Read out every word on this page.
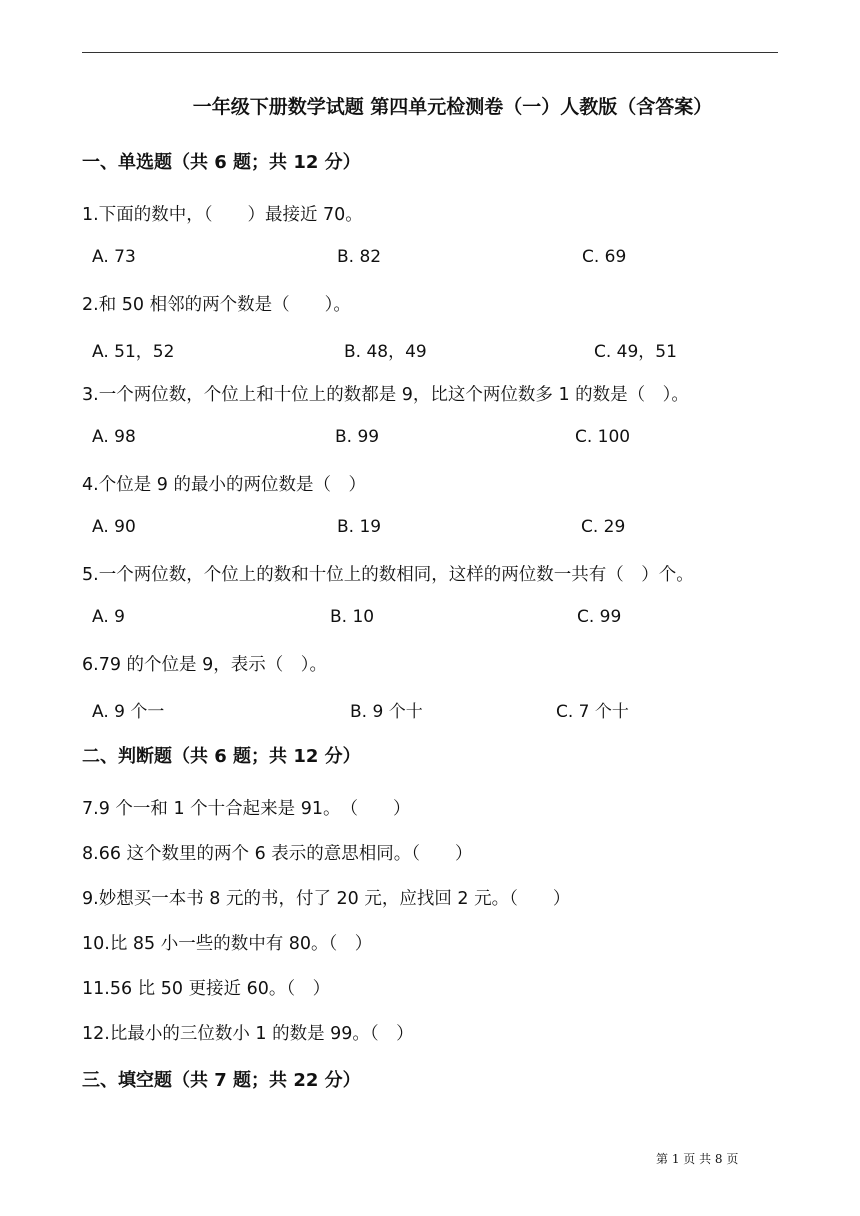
一年级下册数学试题 第四单元检测卷（一）人教版（含答案）
一、单选题（共 6 题；共 12 分）
1.下面的数中，（　　）最接近 70。
A. 73	B. 82	C. 69
2.和 50 相邻的两个数是（　　）。
A. 51，52	B. 48，49	C. 49，51
3.一个两位数，个位上和十位上的数都是 9，比这个两位数多 1 的数是（　）。
A. 98	B. 99	C. 100
4.个位是 9 的最小的两位数是（　）
A. 90	B. 19	C. 29
5.一个两位数，个位上的数和十位上的数相同，这样的两位数一共有（　）个。
A. 9	B. 10	C. 99
6.79 的个位是 9，表示（　）。
A. 9 个一	B. 9 个十	C. 7 个十
二、判断题（共 6 题；共 12 分）
7.9 个一和 1 个十合起来是 91。　（　　）
8.66 这个数里的两个 6 表示的意思相同。（　　）
9.妙想买一本书 8 元的书，付了 20 元，应找回 2 元。（　　）
10.比 85 小一些的数中有 80。（　）
11.56 比 50 更接近 60。（　）
12.比最小的三位数小 1 的数是 99。（　）
三、填空题（共 7 题；共 22 分）
第 1 页 共 8 页
